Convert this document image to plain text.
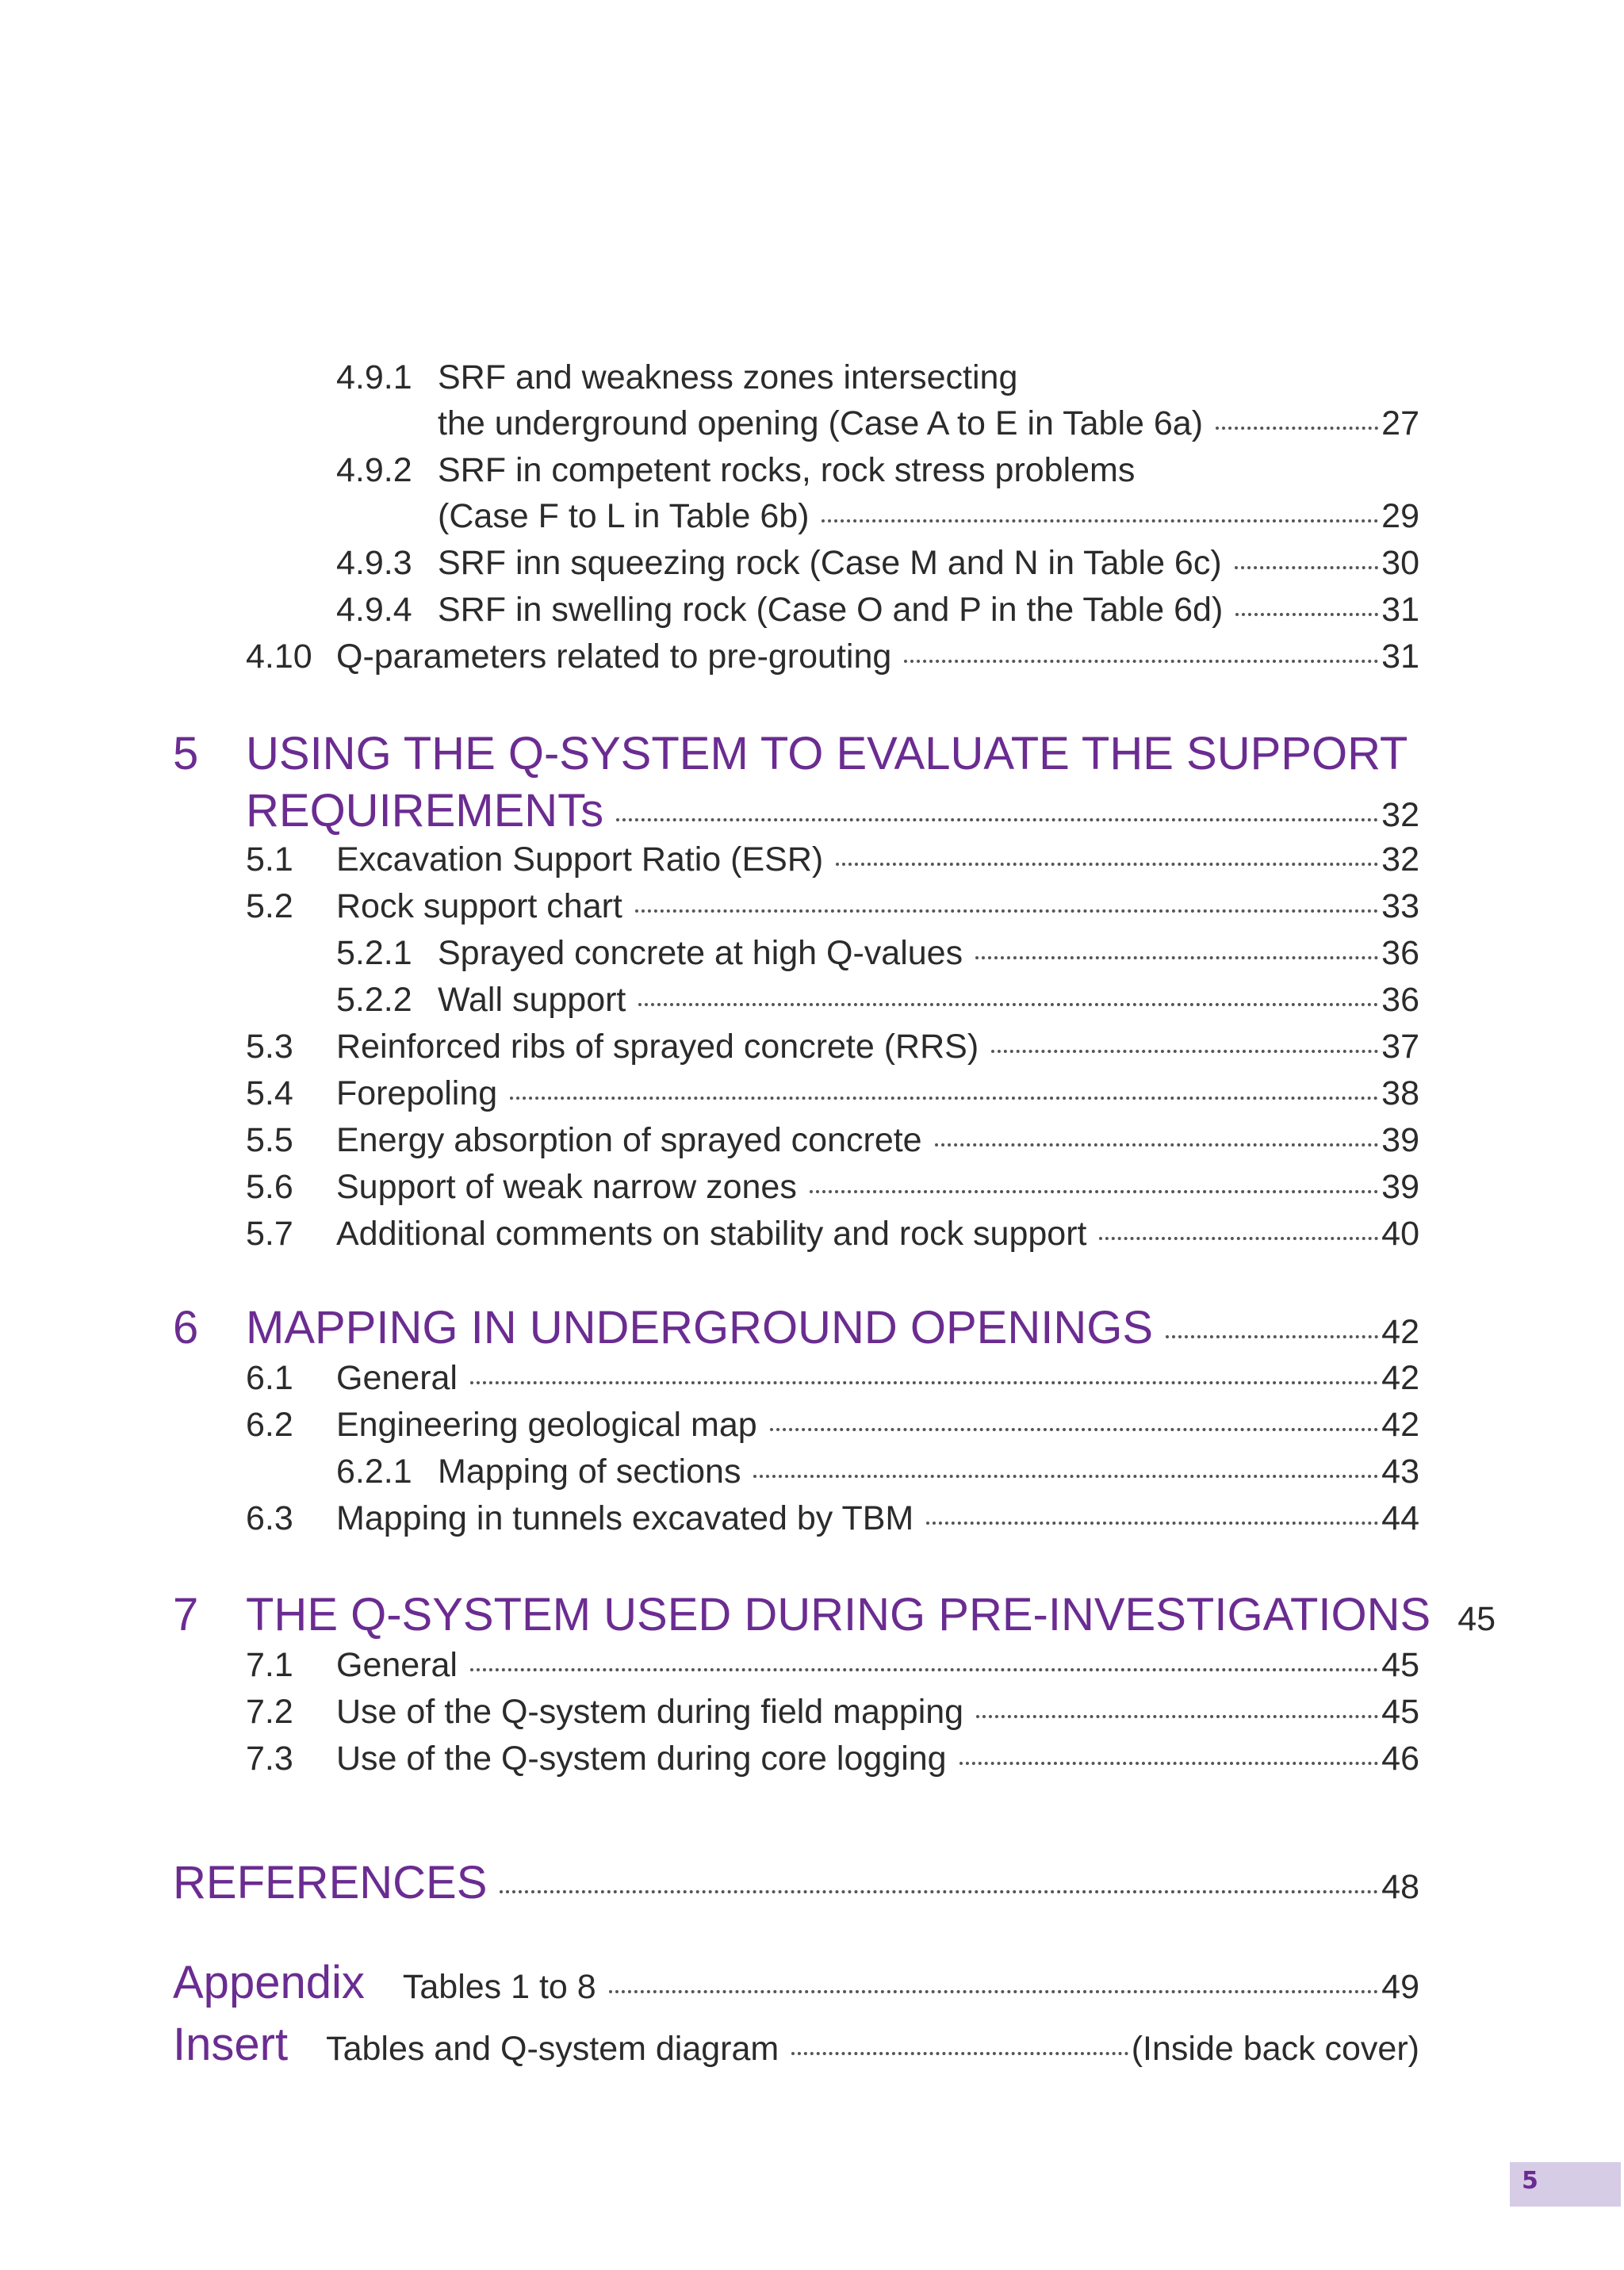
4.9.1 SRF and weakness zones intersecting
the underground opening (Case A to E in Table 6a)	27
4.9.2 SRF in competent rocks, rock stress problems
(Case F to L in Table 6b)	29
4.9.3 SRF inn squeezing rock (Case M and N in Table 6c)	30
4.9.4 SRF in swelling rock (Case O and P in the Table 6d)	31
4.10 Q-parameters related to pre-grouting	31
5 USING THE Q-SYSTEM TO EVALUATE THE SUPPORT
REQUIREMENTs	32
5.1	Excavation Support Ratio (ESR)	32
5.2	Rock support chart	33
5.2.1 Sprayed concrete at high Q-values	36
5.2.2 Wall support	36
5.3	Reinforced ribs of sprayed concrete (RRS)	37
5.4	Forepoling	38
5.5	Energy absorption of sprayed concrete	39
5.6	Support of weak narrow zones	39
5.7	Additional comments on stability and rock support	40
6 MAPPING IN UNDERGROUND OPENINGS	42
6.1	General	42
6.2	Engineering geological map	42
6.2.1 Mapping of sections	43
6.3	Mapping in tunnels excavated by TBM	44
7 THE Q-SYSTEM USED DURING PRE-INVESTIGATIONS 45
7.1	General	45
7.2	Use of the Q-system during field mapping	45
7.3	Use of the Q-system during core logging	46
REFERENCES	48
Appendix Tables 1 to 8	49
Insert Tables and Q-system diagram	(Inside back cover)
5
